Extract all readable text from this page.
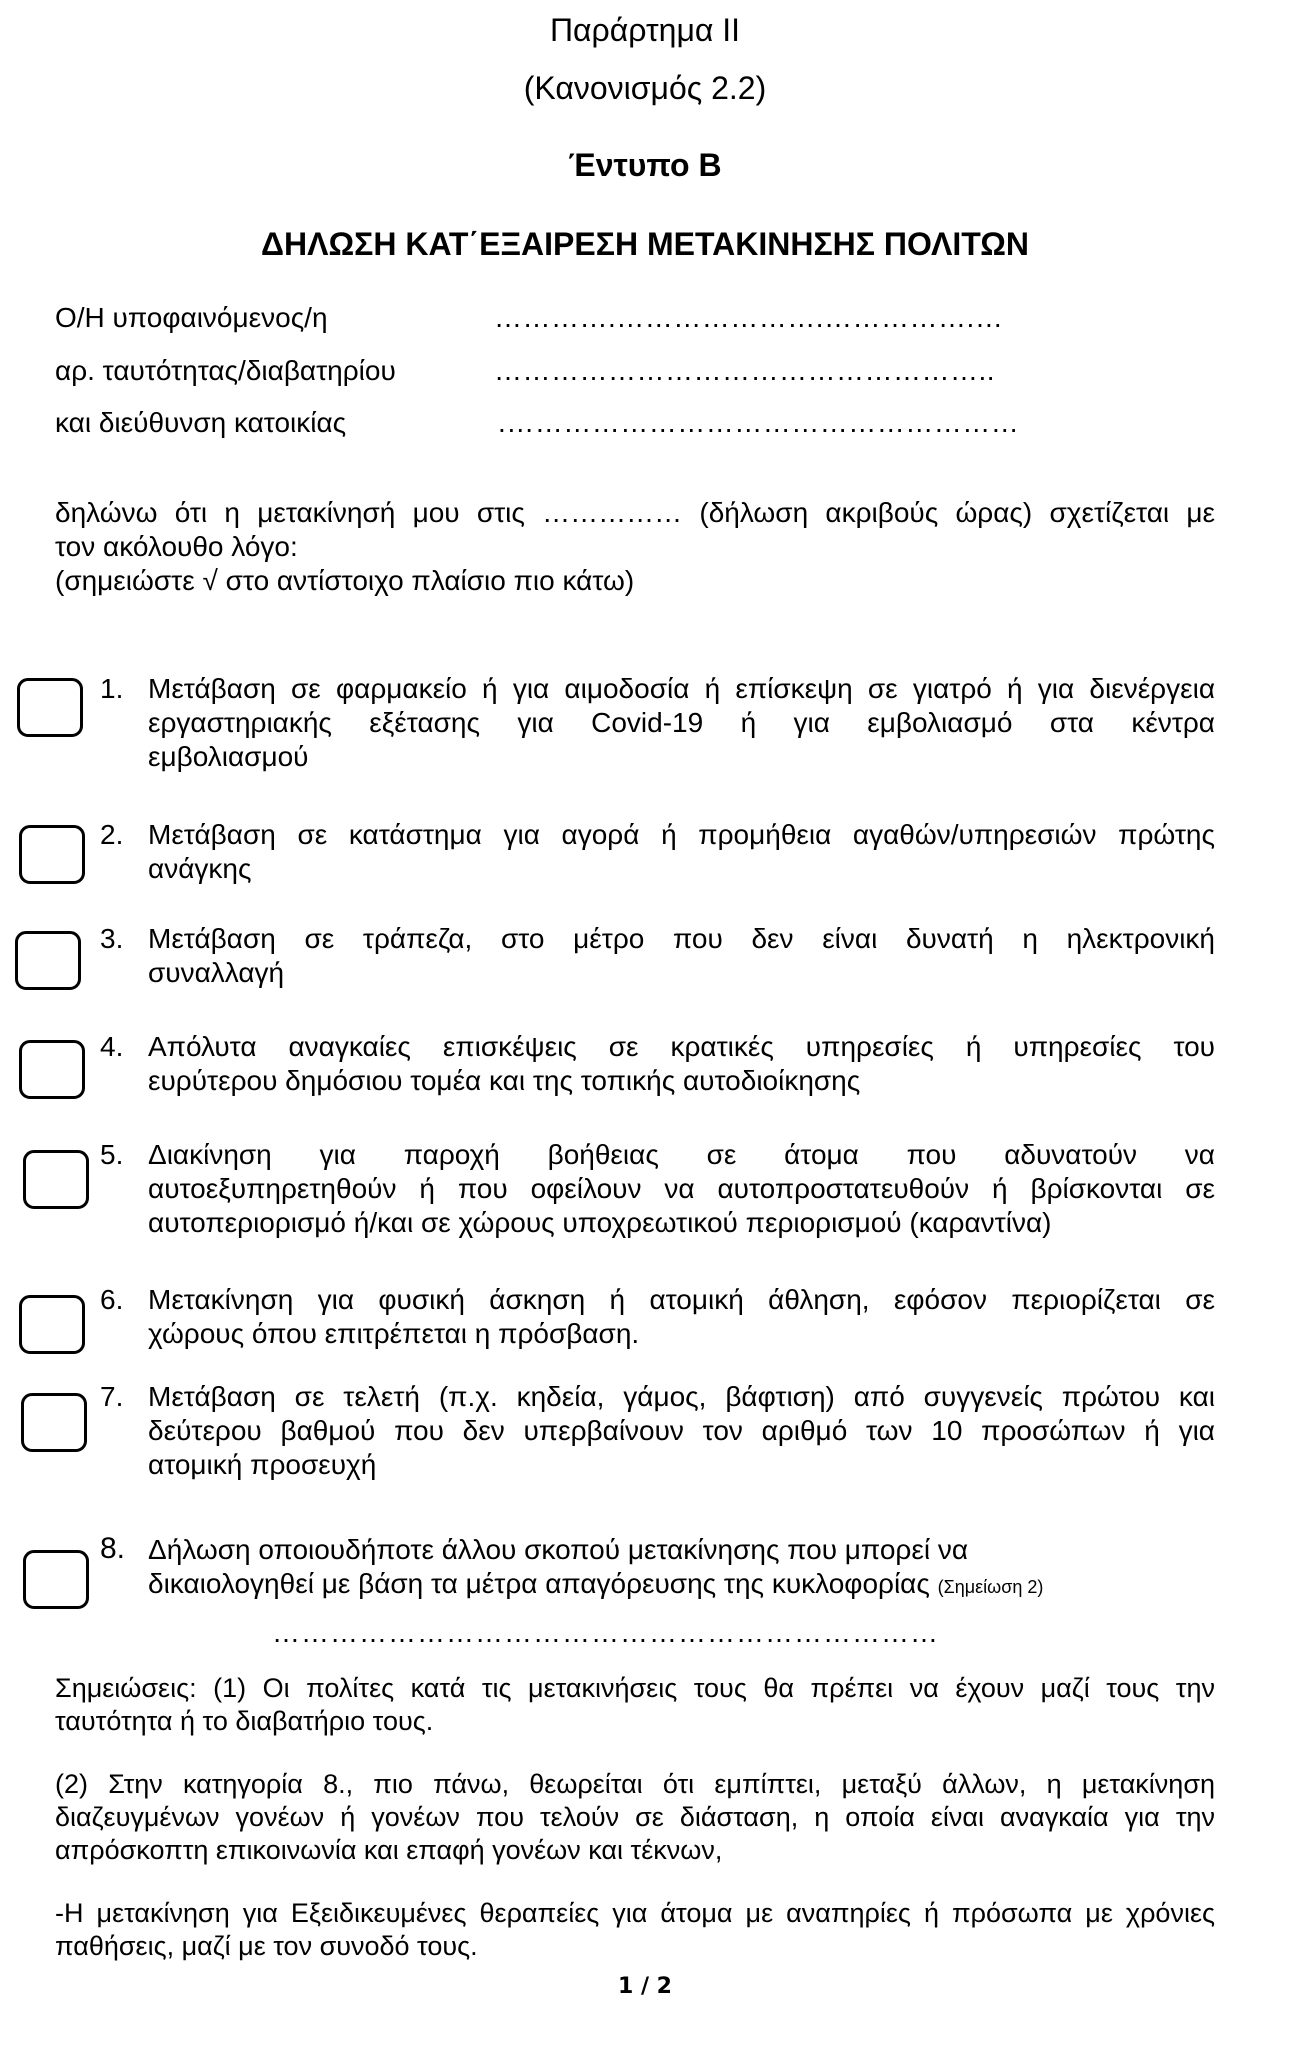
Παράρτημα II
(Κανονισμός 2.2)
Έντυπο Β
ΔΗΛΩΣΗ ΚΑΤ΄ΕΞΑΙΡΕΣΗ ΜΕΤΑΚΙΝΗΣΗΣ ΠΟΛΙΤΩΝ
Ο/Η υποφαινόμενος/η	………….………………….…………….…
αρ. ταυτότητας/διαβατηρίου	……………………………………………..
και διεύθυνση κατοικίας	.………………………………………………
δηλώνω ότι η μετακίνησή μου στις …………… (δήλωση ακριβούς ώρας) σχετίζεται με
τον ακόλουθο λόγο:
(σημειώστε √ στο αντίστοιχο πλαίσιο πιο κάτω)
1. Μετάβαση σε φαρμακείο ή για αιμοδοσία ή επίσκεψη σε γιατρό ή για διενέργεια
εργαστηριακής εξέτασης για Covid-19 ή για εμβολιασμό στα κέντρα
εμβολιασμού
2. Μετάβαση σε κατάστημα για αγορά ή προμήθεια αγαθών/υπηρεσιών πρώτης
ανάγκης
3. Μετάβαση σε τράπεζα, στο μέτρο που δεν είναι δυνατή η ηλεκτρονική
συναλλαγή
4. Απόλυτα αναγκαίες επισκέψεις σε κρατικές υπηρεσίες ή υπηρεσίες του
ευρύτερου δημόσιου τομέα και της τοπικής αυτοδιοίκησης
5. Διακίνηση για παροχή βοήθειας σε άτομα που αδυνατούν να
αυτοεξυπηρετηθούν ή που οφείλουν να αυτοπροστατευθούν ή βρίσκονται σε
αυτοπεριορισμό ή/και σε χώρους υποχρεωτικού περιορισμού (καραντίνα)
6. Μετακίνηση για φυσική άσκηση ή ατομική άθληση, εφόσον περιορίζεται σε
χώρους όπου επιτρέπεται η πρόσβαση.
7. Μετάβαση σε τελετή (π.χ. κηδεία, γάμος, βάφτιση) από συγγενείς πρώτου και
δεύτερου βαθμού που δεν υπερβαίνουν τον αριθμό των 10 προσώπων ή για
ατομική προσευχή
8. Δήλωση οποιουδήποτε άλλου σκοπού μετακίνησης που μπορεί να
δικαιολογηθεί με βάση τα μέτρα απαγόρευσης της κυκλοφορίας (Σημείωση 2)
……………………………………………………………
Σημειώσεις: (1) Οι πολίτες κατά τις μετακινήσεις τους θα πρέπει να έχουν μαζί τους την
ταυτότητα ή το διαβατήριο τους.
(2) Στην κατηγορία 8., πιο πάνω, θεωρείται ότι εμπίπτει, μεταξύ άλλων, η μετακίνηση
διαζευγμένων γονέων ή γονέων που τελούν σε διάσταση, η οποία είναι αναγκαία για την
απρόσκοπτη επικοινωνία και επαφή γονέων και τέκνων,
-Η μετακίνηση για Εξειδικευμένες θεραπείες για άτομα με αναπηρίες ή πρόσωπα με χρόνιες
παθήσεις, μαζί με τον συνοδό τους.
1 / 2
